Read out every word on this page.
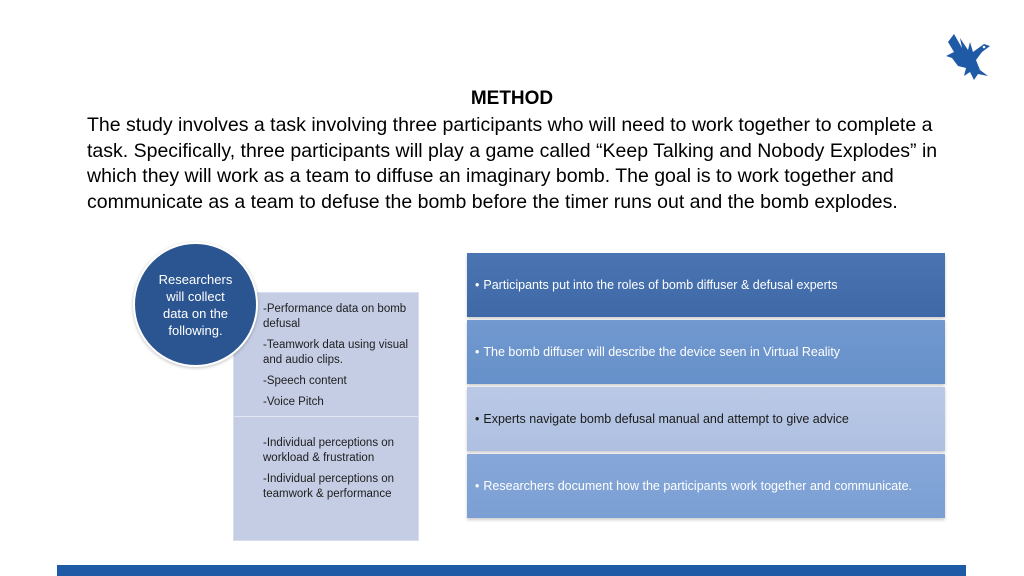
METHOD
The study involves a task involving three participants who will need to work together to complete a task. Specifically, three participants will play a game called “Keep Talking and Nobody Explodes” in which they will work as a team to diffuse an imaginary bomb. The goal is to work together and communicate as a team to defuse the bomb before the timer runs out and the bomb explodes.
-Performance data on bomb defusal
-Teamwork data using visual and audio clips.
-Speech content
-Voice Pitch
-Individual perceptions on workload & frustration
-Individual perceptions on teamwork & performance
Researchers will collect data on the following.
• Participants put into the roles of bomb diffuser & defusal experts
• The bomb diffuser will describe the device seen in Virtual Reality
• Experts navigate bomb defusal manual and attempt to give advice
• Researchers document how the participants work together and communicate.
